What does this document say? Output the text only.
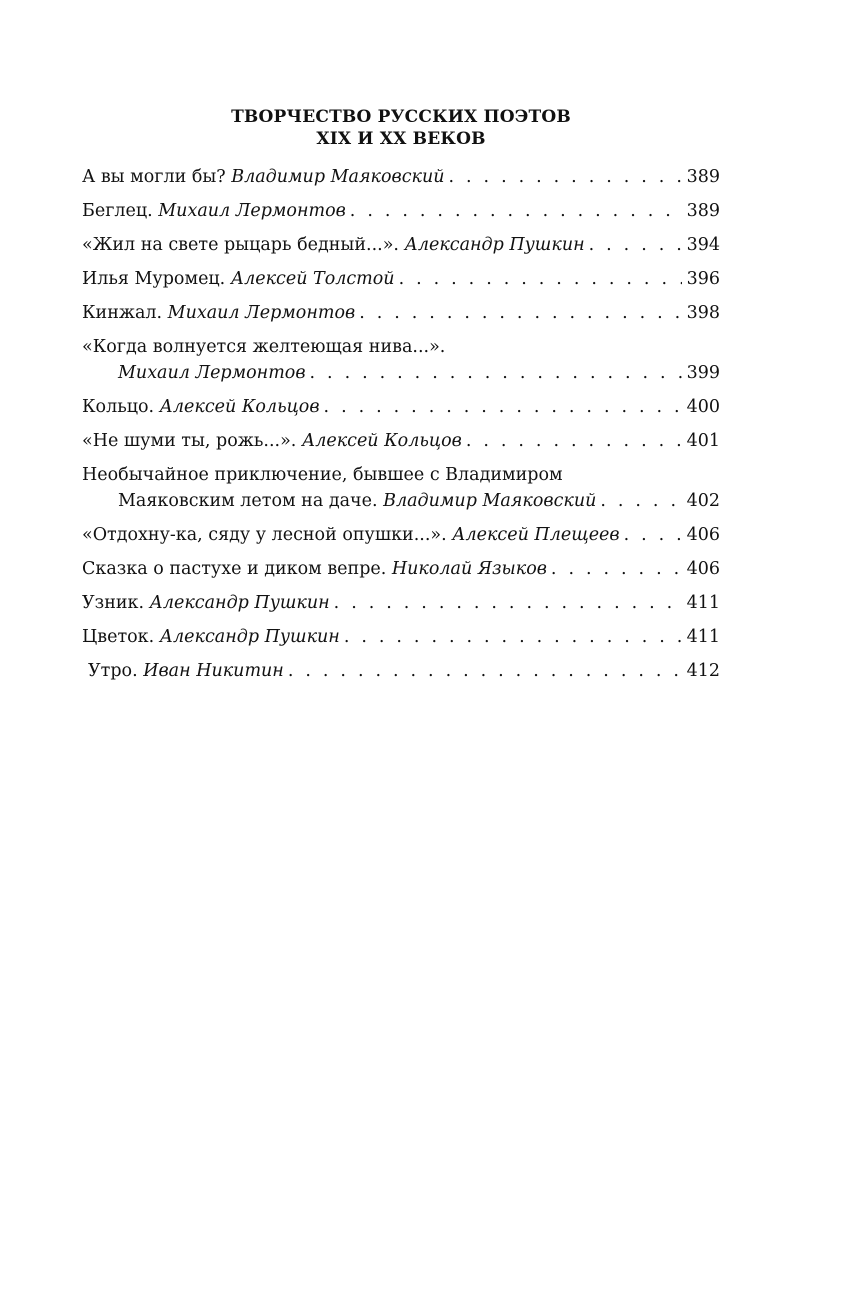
ТВОРЧЕСТВО РУССКИХ ПОЭТОВ
XIX И XX ВЕКОВ
А вы могли бы? Владимир Маяковский . . .	389
Беглец. Михаил Лермонтов . . .	389
«Жил на свете рыцарь бедный...». Александр Пушкин . . .	394
Илья Муромец. Алексей Толстой . . .	396
Кинжал. Михаил Лермонтов . . .	398
«Когда волнуется желтеющая нива...».
Михаил Лермонтов . . .	399
Кольцо. Алексей Кольцов . . .	400
«Не шуми ты, рожь...». Алексей Кольцов . . .	401
Необычайное приключение, бывшее с Владимиром
Маяковским летом на даче. Владимир Маяковский . . .	402
«Отдохну-ка, сяду у лесной опушки...». Алексей Плещеев . . .	406
Сказка о пастухе и диком вепре. Николай Языков . . .	406
Узник. Александр Пушкин . . .	411
Цветок. Александр Пушкин . . .	411
Утро. Иван Никитин . . .	412
